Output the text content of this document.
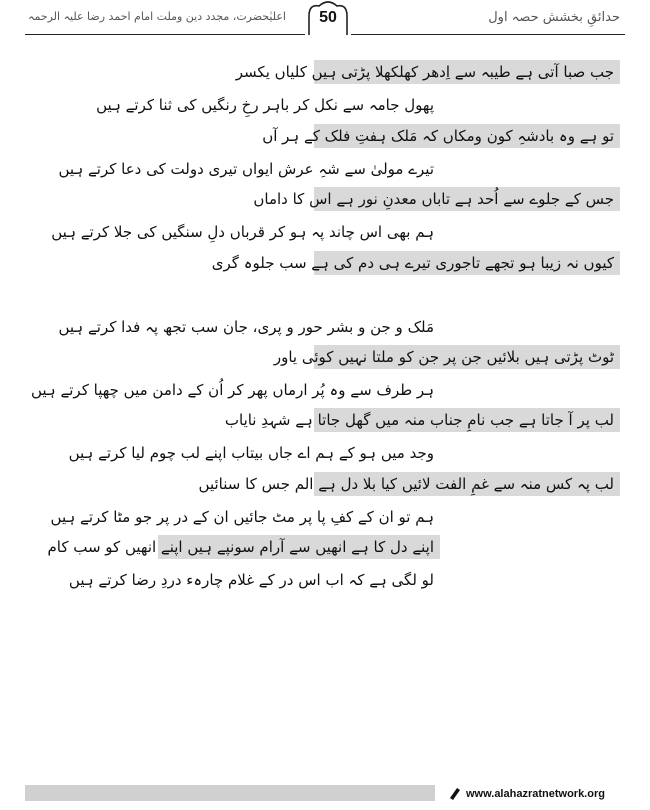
حدائقِ بخشش حصہ اول
اعلیٰحضرت، مجدد دین وملت امام احمد رضا علیہ الرحمہ	50
جب صبا آتی ہے طیبہ سے اِدھر کھلکھلا پڑتی ہیں کلیاں یکسر
پھول جامہ سے نکل کر باہر رخِ رنگیں کی ثنا کرتے ہیں
تو ہے وہ بادشہِ کون ومکاں کہ مَلک ہفتِ فلک کے ہر آں
تیرے مولیٰ سے شہِ عرش ایواں تیری دولت کی دعا کرتے ہیں
جس کے جلوے سے اُحد ہے تاباں معدنِ نور ہے اس کا داماں
ہم بھی اس چاند پہ ہو کر قرباں دلِ سنگیں کی جلا کرتے ہیں
کیوں نہ زیبا ہو تجھے تاجوری تیرے ہی دم کی ہے سب جلوہ گری
مَلک و جن و بشر حور و پری، جان سب تجھ پہ فدا کرتے ہیں
ٹوٹ پڑتی ہیں بلائیں جن پر جن کو ملتا نہیں کوئی یاور
ہر طرف سے وہ پُر ارماں پھر کر اُن کے دامن میں چھپا کرتے ہیں
لب پر آ جاتا ہے جب نامِ جناب منہ میں گھل جاتا ہے شہدِ نایاب
وجد میں ہو کے ہم اے جاں بیتاب اپنے لب چوم لیا کرتے ہیں
لب پہ کس منہ سے غمِ الفت لائیں کیا بلا دل ہے الم جس کا سنائیں
ہم تو ان کے کفِ پا پر مٹ جائیں ان کے در پر جو مٹا کرتے ہیں
اپنے دل کا ہے انھیں سے آرام سونپے ہیں اپنے انھیں کو سب کام
لو لگی ہے کہ اب اس در کے غلام چارہء دردِ رضا کرتے ہیں
www.alahazratnetwork.org
